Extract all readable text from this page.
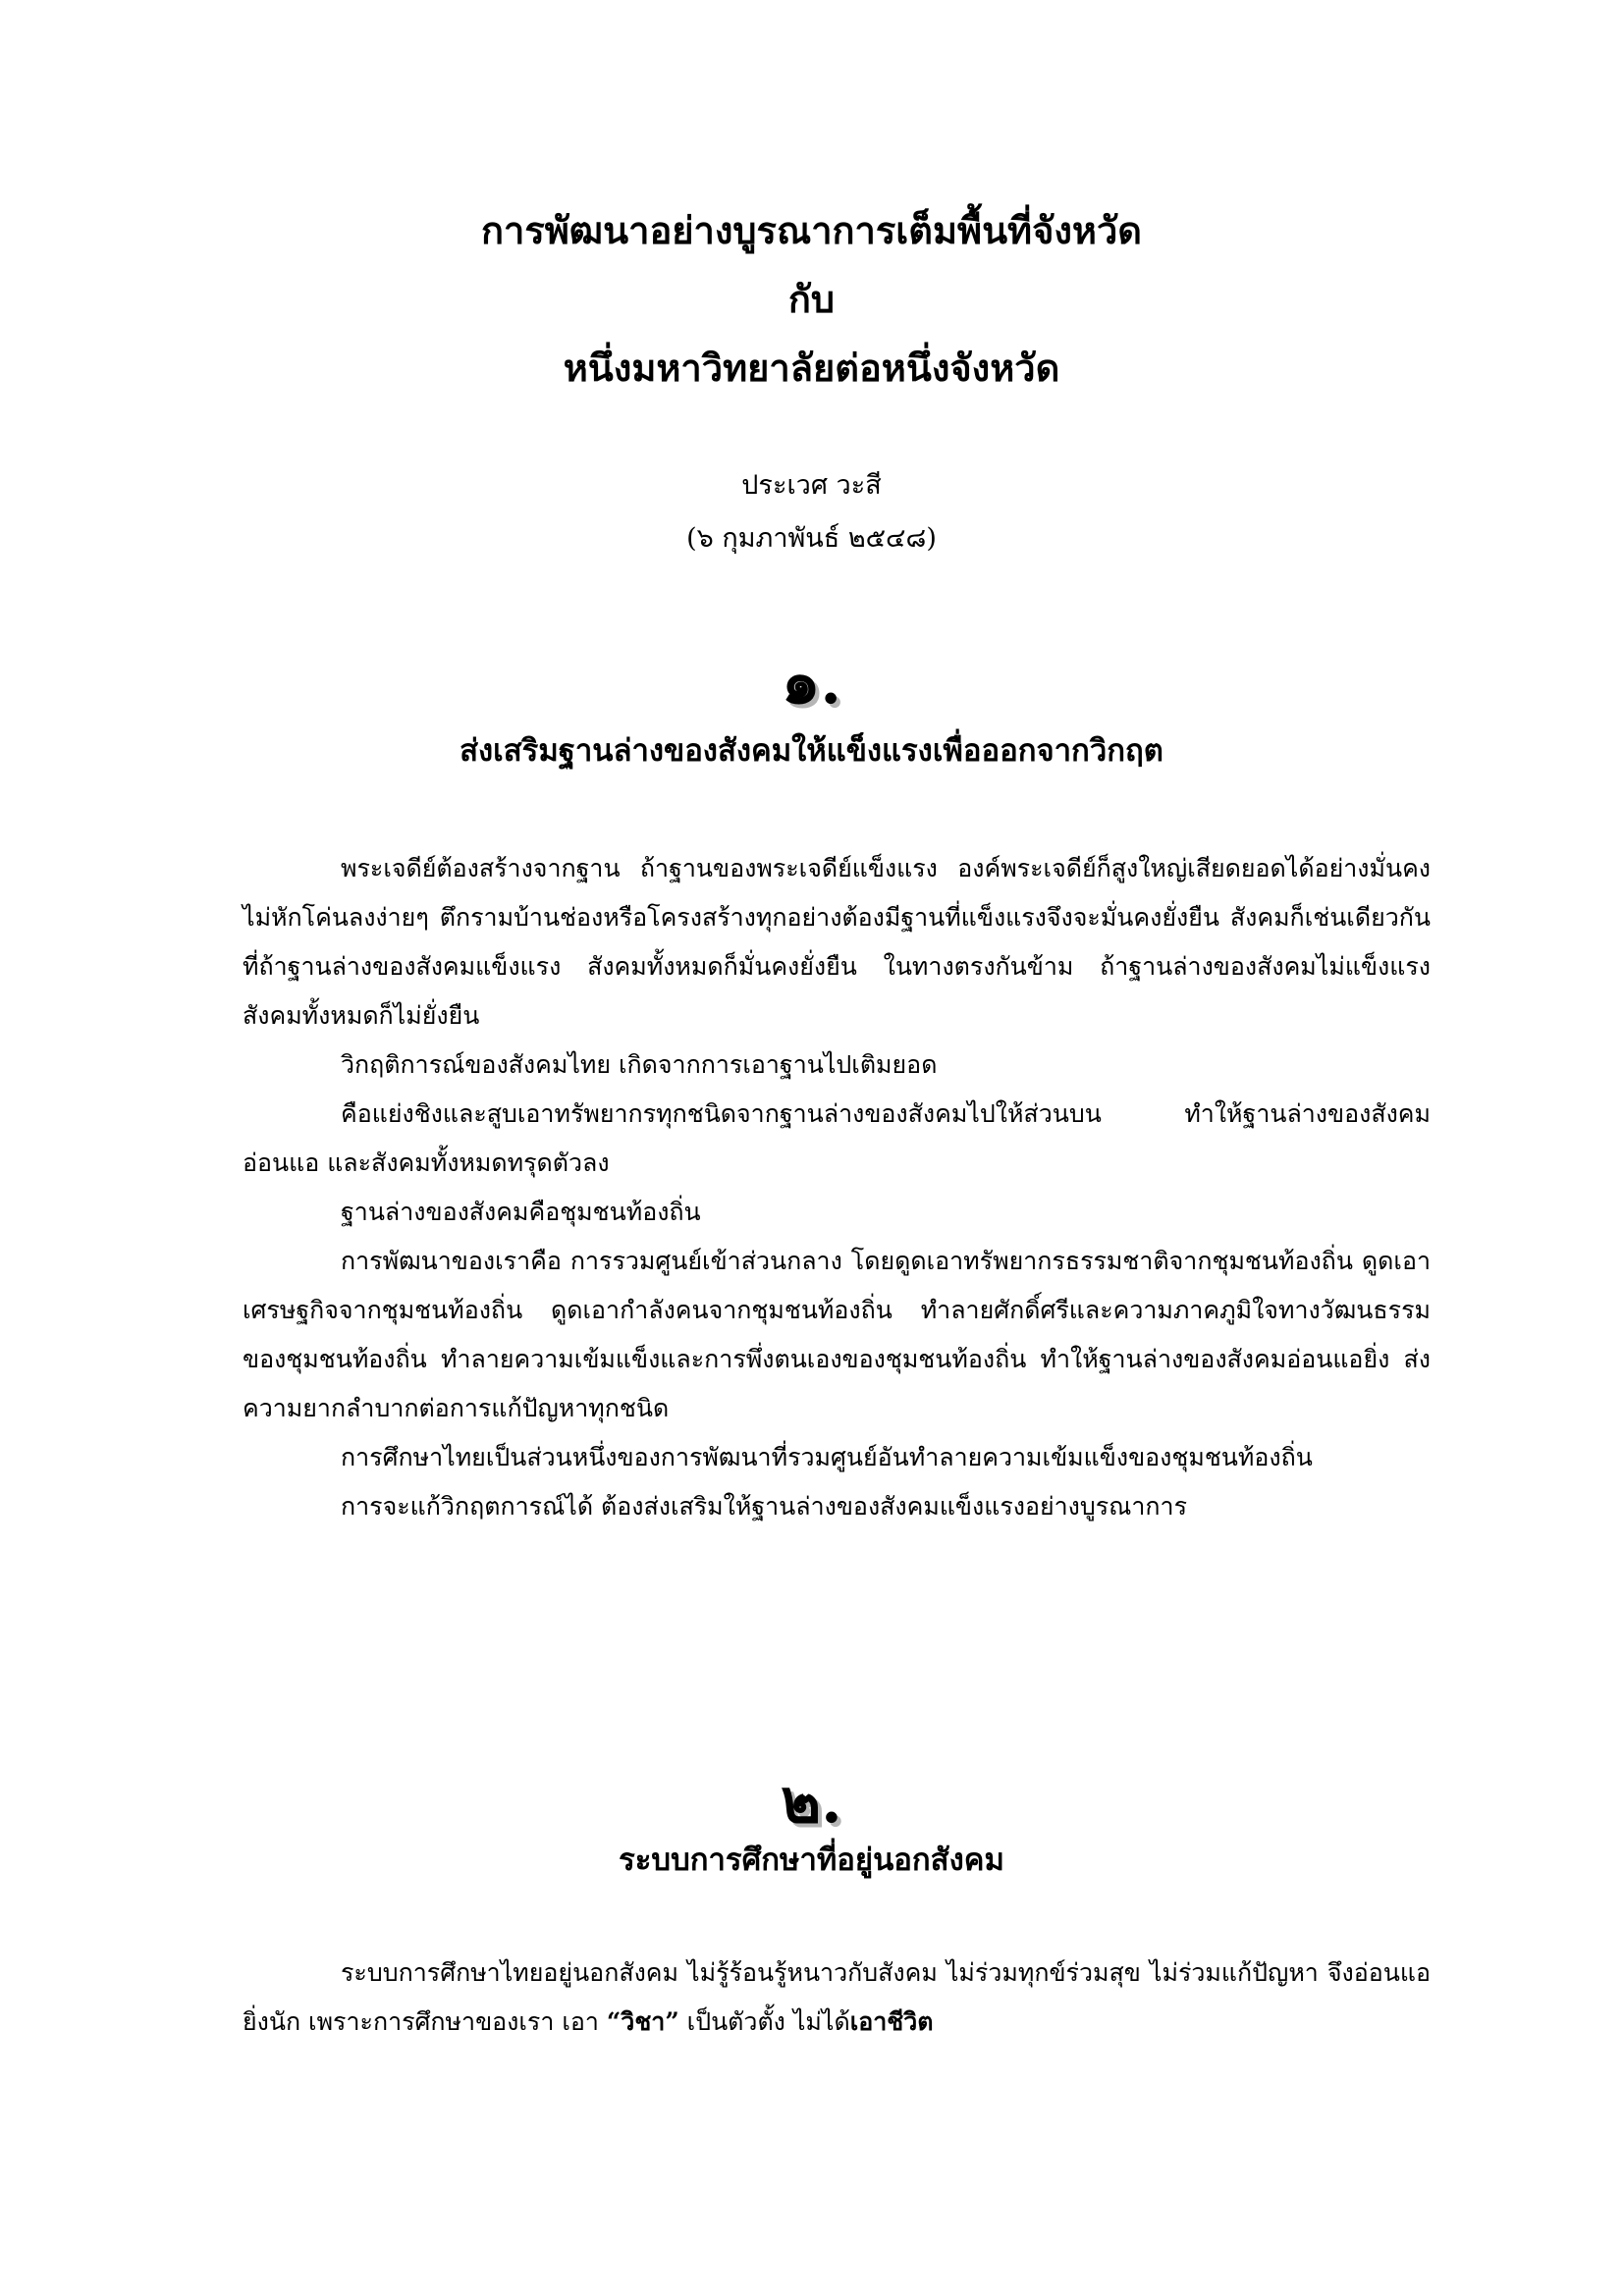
การพัฒนาอย่างบูรณาการเต็มพื้นที่จังหวัด
กับ
หนึ่งมหาวิทยาลัยต่อหนึ่งจังหวัด
ประเวศ วะสี
(๖ กุมภาพันธ์ ๒๕๔๘)
๑.
ส่งเสริมฐานล่างของสังคมให้แข็งแรงเพื่อออกจากวิกฤต

พระเจดีย์ต้องสร้างจากฐาน ถ้าฐานของพระเจดีย์แข็งแรง องค์พระเจดีย์ก็สูงใหญ่เสียดยอดได้อย่างมั่นคง ไม่หักโค่นลงง่ายๆ ตึกรามบ้านช่องหรือโครงสร้างทุกอย่างต้องมีฐานที่แข็งแรงจึงจะมั่นคงยั่งยืน สังคมก็เช่นเดียวกัน ที่ถ้าฐานล่างของสังคมแข็งแรง สังคมทั้งหมดก็มั่นคงยั่งยืน ในทางตรงกันข้าม ถ้าฐานล่างของสังคมไม่แข็งแรง สังคมทั้งหมดก็ไม่ยั่งยืน

วิกฤติการณ์ของสังคมไทย เกิดจากการเอาฐานไปเติมยอด

คือแย่งชิงและสูบเอาทรัพยากรทุกชนิดจากฐานล่างของสังคมไปให้ส่วนบน ทำให้ฐานล่างของสังคมอ่อนแอ และสังคมทั้งหมดทรุดตัวลง

ฐานล่างของสังคมคือชุมชนท้องถิ่น

การพัฒนาของเราคือ การรวมศูนย์เข้าส่วนกลาง โดยดูดเอาทรัพยากรธรรมชาติจากชุมชนท้องถิ่น ดูดเอาเศรษฐกิจจากชุมชนท้องถิ่น ดูดเอากำลังคนจากชุมชนท้องถิ่น ทำลายศักดิ์ศรีและความภาคภูมิใจทางวัฒนธรรมของชุมชนท้องถิ่น ทำลายความเข้มแข็งและการพึ่งตนเองของชุมชนท้องถิ่น ทำให้ฐานล่างของสังคมอ่อนแอยิ่ง ส่งความยากลำบากต่อการแก้ปัญหาทุกชนิด

การศึกษาไทยเป็นส่วนหนึ่งของการพัฒนาที่รวมศูนย์อันทำลายความเข้มแข็งของชุมชนท้องถิ่น

การจะแก้วิกฤตการณ์ได้ ต้องส่งเสริมให้ฐานล่างของสังคมแข็งแรงอย่างบูรณาการ

๒.
ระบบการศึกษาที่อยู่นอกสังคม

ระบบการศึกษาไทยอยู่นอกสังคม ไม่รู้ร้อนรู้หนาวกับสังคม ไม่ร่วมทุกข์ร่วมสุข ไม่ร่วมแก้ปัญหา จึงอ่อนแอยิ่งนัก เพราะการศึกษาของเรา เอา “วิชา” เป็นตัวตั้ง ไม่ได้เอาชีวิต
